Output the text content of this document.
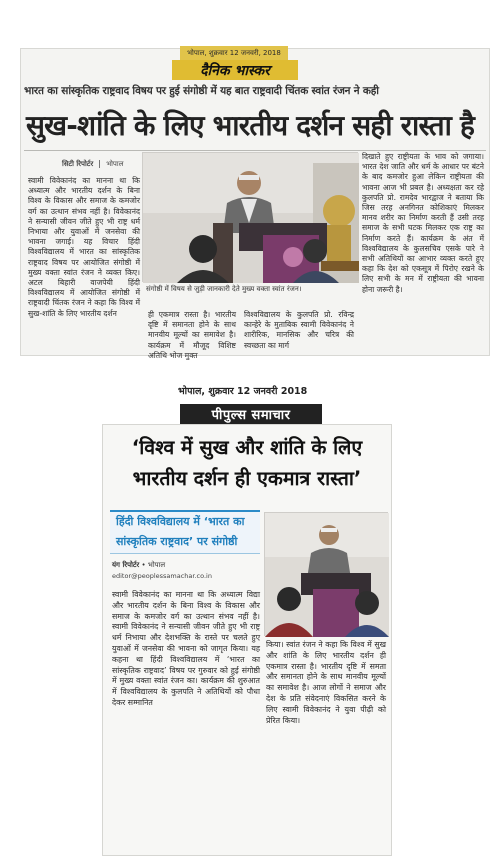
भोपाल, शुक्रवार 12 जनवरी, 2018
दैनिक भास्कर
भारत का सांस्कृतिक राष्ट्रवाद विषय पर हुई संगोष्ठी में यह बात राष्ट्रवादी चिंतक स्वांत रंजन ने कही
सुख-शांति के लिए भारतीय दर्शन सही रास्ता है
सिटी रिपोर्टर भोपाल
स्वामी विवेकानंद का मानना था कि अध्यात्म और भारतीय दर्शन के बिना विश्व के विकास और समाज के कमजोर वर्ग का उत्थान संभव नहीं है। विवेकानंद ने सन्यासी जीवन जीते हुए भी राष्ट्र धर्म निभाया और युवाओं में जनसेवा की भावना जगाई। यह विचार हिंदी विश्वविद्यालय में भारत का सांस्कृतिक राष्ट्रवाद विषय पर आयोजित संगोष्ठी में मुख्य वक्ता स्वांत रंजन ने व्यक्त किए। अटल बिहारी वाजपेयी हिंदी विश्वविद्यालय में आयोजित संगोष्ठी में राष्ट्रवादी चिंतक रंजन ने कहा कि विश्व में सुख-शांति के लिए भारतीय दर्शन
संगोष्ठी में विषय से जुड़ी जानकारी देते मुख्य वक्ता स्वांत रंजन।
ही एकमात्र रास्ता है। भारतीय दृष्टि में समानता होने के साथ मानवीय मूल्यों का समावेश है। कार्यक्रम में मौजूद विशिष्ट अतिथि भोज मुक्त
विश्वविद्यालय के कुलपति प्रो. रविन्द्र कान्हेरे के मुताबिक स्वामी विवेकानंद ने शारीरिक, मानसिक और चरित्र की स्वच्छता का मार्ग
दिखाते हुए राष्ट्रीयता के भाव को जगाया। भारत देश जाति और धर्म के आधार पर बंटने के बाद कमजोर हुआ लेकिन राष्ट्रीयता की भावना आज भी प्रबल है। अध्यक्षता कर रहे कुलपति प्रो. रामदेव भारद्वाज ने बताया कि जिस तरह अनगिनत कोशिकाएं मिलकर मानव शरीर का निर्माण करती हैं उसी तरह समाज के सभी घटक मिलकर एक राष्ट्र का निर्माण करते हैं। कार्यक्रम के अंत में विश्वविद्यालय के कुलसचिव एसके पारे ने सभी अतिथियों का आभार व्यक्त करते हुए कहा कि देश को एकसूत्र में पिरोए रखने के लिए सभी के मन में राष्ट्रीयता की भावना होना जरूरी है।
भोपाल, शुक्रवार 12 जनवरी 2018
पीपुल्स समाचार
‘विश्व में सुख और शांति के लिए भारतीय दर्शन ही एकमात्र रास्ता’
हिंदी विश्वविद्यालय में ‘भारत का सांस्कृतिक राष्ट्रवाद’ पर संगोष्ठी
यंग रिपोर्टर • भोपाल
editor@peoplessamachar.co.in
स्वामी विवेकानंद का मानना था कि अध्यात्म विद्या और भारतीय दर्शन के बिना विश्व के विकास और समाज के कमजोर वर्ग का उत्थान संभव नहीं है। स्वामी विवेकानंद ने सन्यासी जीवन जीते हुए भी राष्ट्र धर्म निभाया और देशभक्ति के रास्ते पर चलते हुए युवाओं में जनसेवा की भावना को जागृत किया। यह कहना था हिंदी विश्वविद्यालय में ‘भारत का सांस्कृतिक राष्ट्रवाद’ विषय पर गुरुवार को हुई संगोष्ठी में मुख्य वक्ता स्वांत रंजन का। कार्यक्रम की शुरुआत में विश्वविद्यालय के कुलपति ने अतिथियों को पौधा देकर सम्मानित
किया। स्वांत रंजन ने कहा कि विश्व में सुख और शांति के लिए भारतीय दर्शन ही एकमात्र रास्ता है। भारतीय दृष्टि में समता और समानता होने के साथ मानवीय मूल्यों का समावेश है। आज लोगों ने समाज और देश के प्रति संवेदनाएं विकसित करने के लिए स्वामी विवेकानंद ने युवा पीढ़ी को प्रेरित किया।
